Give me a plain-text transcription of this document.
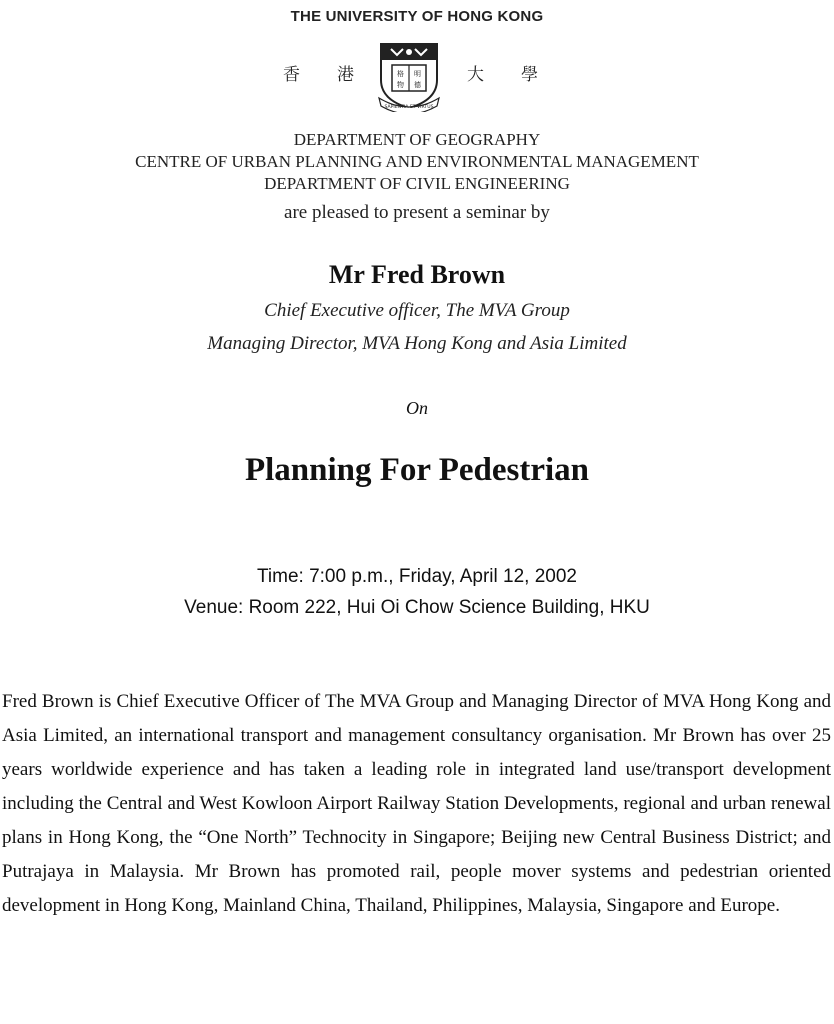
THE UNIVERSITY OF HONG KONG
香 港	格 明
物 德
SAPIENTIA ET VIRTUS
大 學
DEPARTMENT OF GEOGRAPHY
CENTRE OF URBAN PLANNING AND ENVIRONMENTAL MANAGEMENT
DEPARTMENT OF CIVIL ENGINEERING
are pleased to present a seminar by
Mr Fred Brown
Chief Executive officer, The MVA Group
Managing Director, MVA Hong Kong and Asia Limited
On
Planning For Pedestrian
Time: 7:00 p.m., Friday, April 12, 2002
Venue: Room 222, Hui Oi Chow Science Building, HKU

Fred Brown is Chief Executive Officer of The MVA Group and Managing Director of MVA Hong Kong and Asia Limited, an international transport and management consultancy organisation. Mr Brown has over 25 years worldwide experience and has taken a leading role in integrated land use/transport development including the Central and West Kowloon Airport Railway Station Developments, regional and urban renewal plans in Hong Kong, the “One North” Technocity in Singapore; Beijing new Central Business District; and Putrajaya in Malaysia. Mr Brown has promoted rail, people mover systems and pedestrian oriented development in Hong Kong, Mainland China, Thailand, Philippines, Malaysia, Singapore and Europe.
